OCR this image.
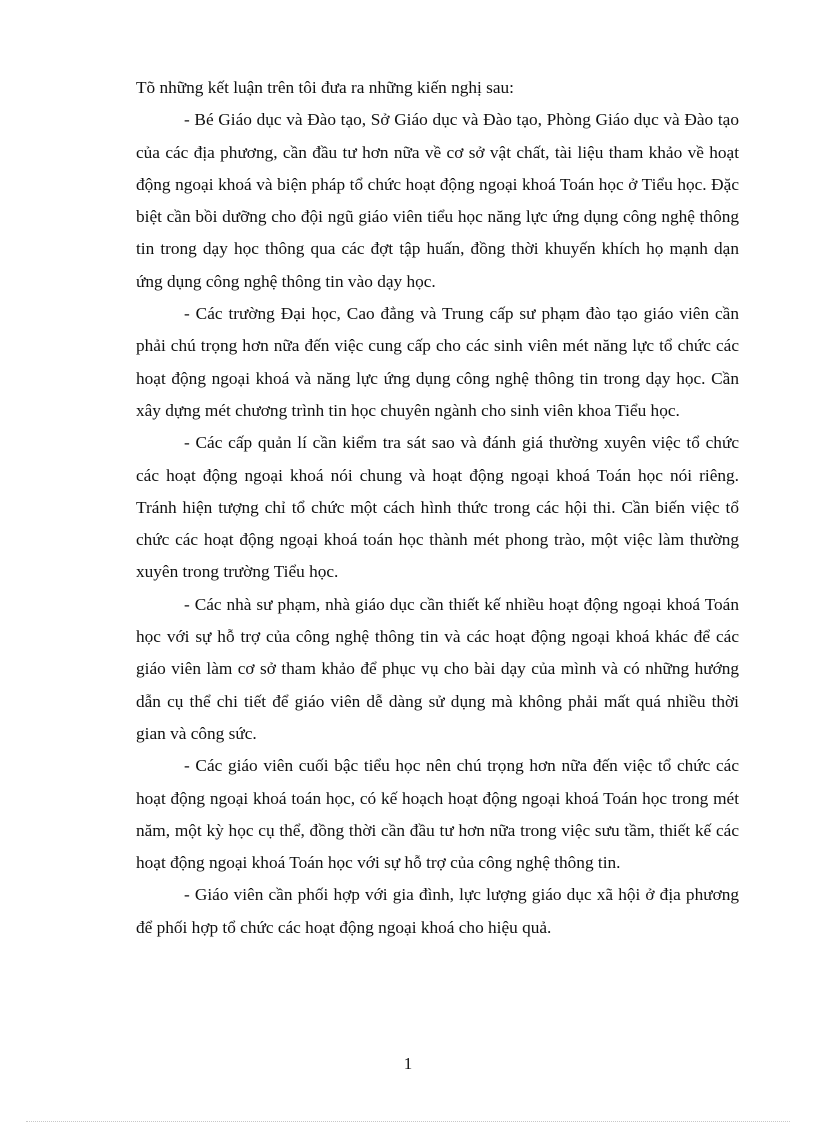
Tõ những kết luận trên tôi đưa ra những kiến nghị sau:

- Bé Giáo dục và Đào tạo, Sở Giáo dục và Đào tạo, Phòng Giáo dục và Đào tạo của các địa phương, cần đầu tư hơn nữa về cơ sở vật chất, tài liệu tham khảo về hoạt động ngoại khoá và biện pháp tổ chức hoạt động ngoại khoá Toán học ở Tiểu học. Đặc biệt cần bồi dưỡng cho đội ngũ giáo viên tiểu học năng lực ứng dụng công nghệ thông tin trong dạy học thông qua các đợt tập huấn, đồng thời khuyến khích họ mạnh dạn ứng dụng công nghệ thông tin vào dạy học.

- Các trường Đại học, Cao đẳng và Trung cấp sư phạm đào tạo giáo viên cần phải chú trọng hơn nữa đến việc cung cấp cho các sinh viên mét năng lực tổ chức các hoạt động ngoại khoá và năng lực ứng dụng công nghệ thông tin trong dạy học. Cần xây dựng mét chương trình tin học chuyên ngành cho sinh viên khoa Tiểu học.

- Các cấp quản lí cần kiểm tra sát sao và đánh giá thường xuyên việc tổ chức các hoạt động ngoại khoá nói chung và hoạt động ngoại khoá Toán học nói riêng. Tránh hiện tượng chỉ tổ chức một cách hình thức trong các hội thi. Cần biến việc tổ chức các hoạt động ngoại khoá toán học thành mét phong trào, một việc làm thường xuyên trong trường Tiểu học.

- Các nhà sư phạm, nhà giáo dục cần thiết kế nhiều hoạt động ngoại khoá Toán học với sự hỗ trợ của công nghệ thông tin và các hoạt động ngoại khoá khác để các giáo viên làm cơ sở tham khảo để phục vụ cho bài dạy của mình và có những hướng dẫn cụ thể chi tiết để giáo viên dễ dàng sử dụng mà không phải mất quá nhiều thời gian và công sức.

- Các giáo viên cuối bậc tiểu học nên chú trọng hơn nữa đến việc tổ chức các hoạt động ngoại khoá toán học, có kế hoạch hoạt động ngoại khoá Toán học trong mét năm, một kỳ học cụ thể, đồng thời cần đầu tư hơn nữa trong việc sưu tầm, thiết kế các hoạt động ngoại khoá Toán học với sự hỗ trợ của công nghệ thông tin.

- Giáo viên cần phối hợp với gia đình, lực lượng giáo dục xã hội ở địa phương để phối hợp tổ chức các hoạt động ngoại khoá cho hiệu quả.

1
